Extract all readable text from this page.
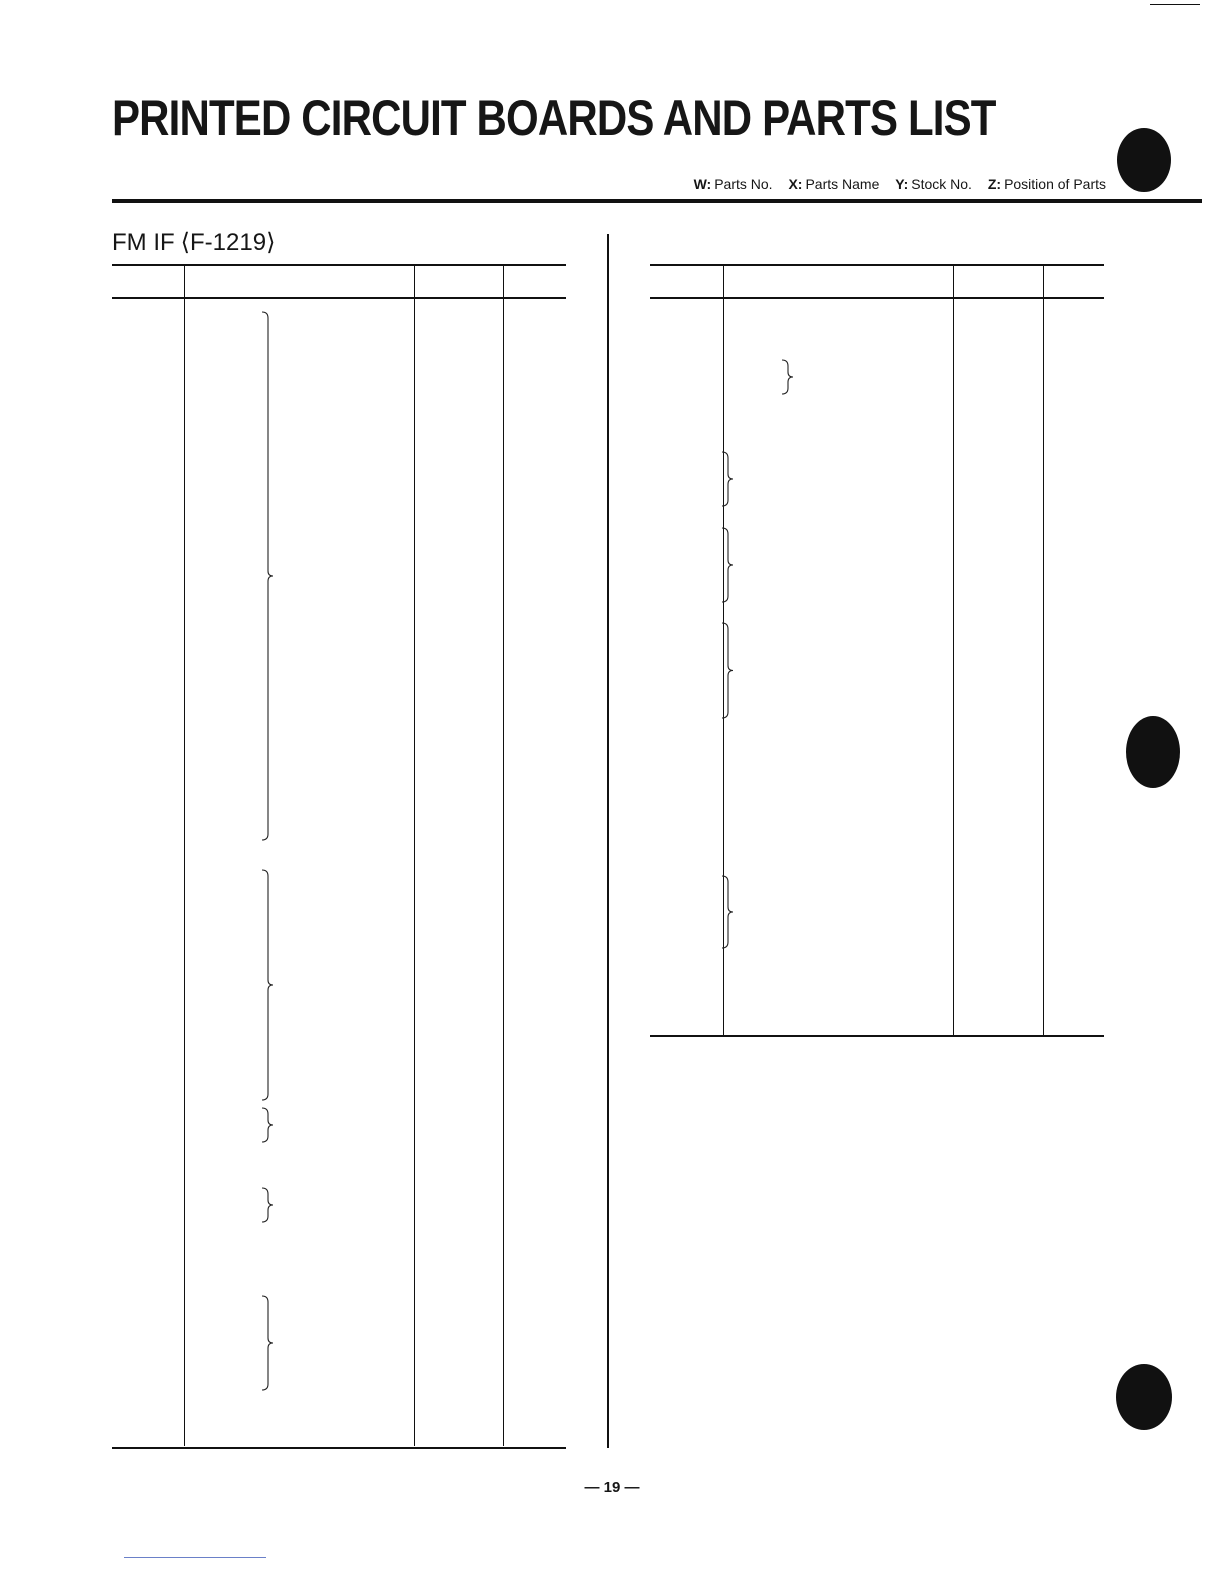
PRINTED CIRCUIT BOARDS AND PARTS LIST
W: Parts No. X: Parts Name Y: Stock No. Z: Position of Parts
FM IF ⟨F-1219⟩
— 19 —
